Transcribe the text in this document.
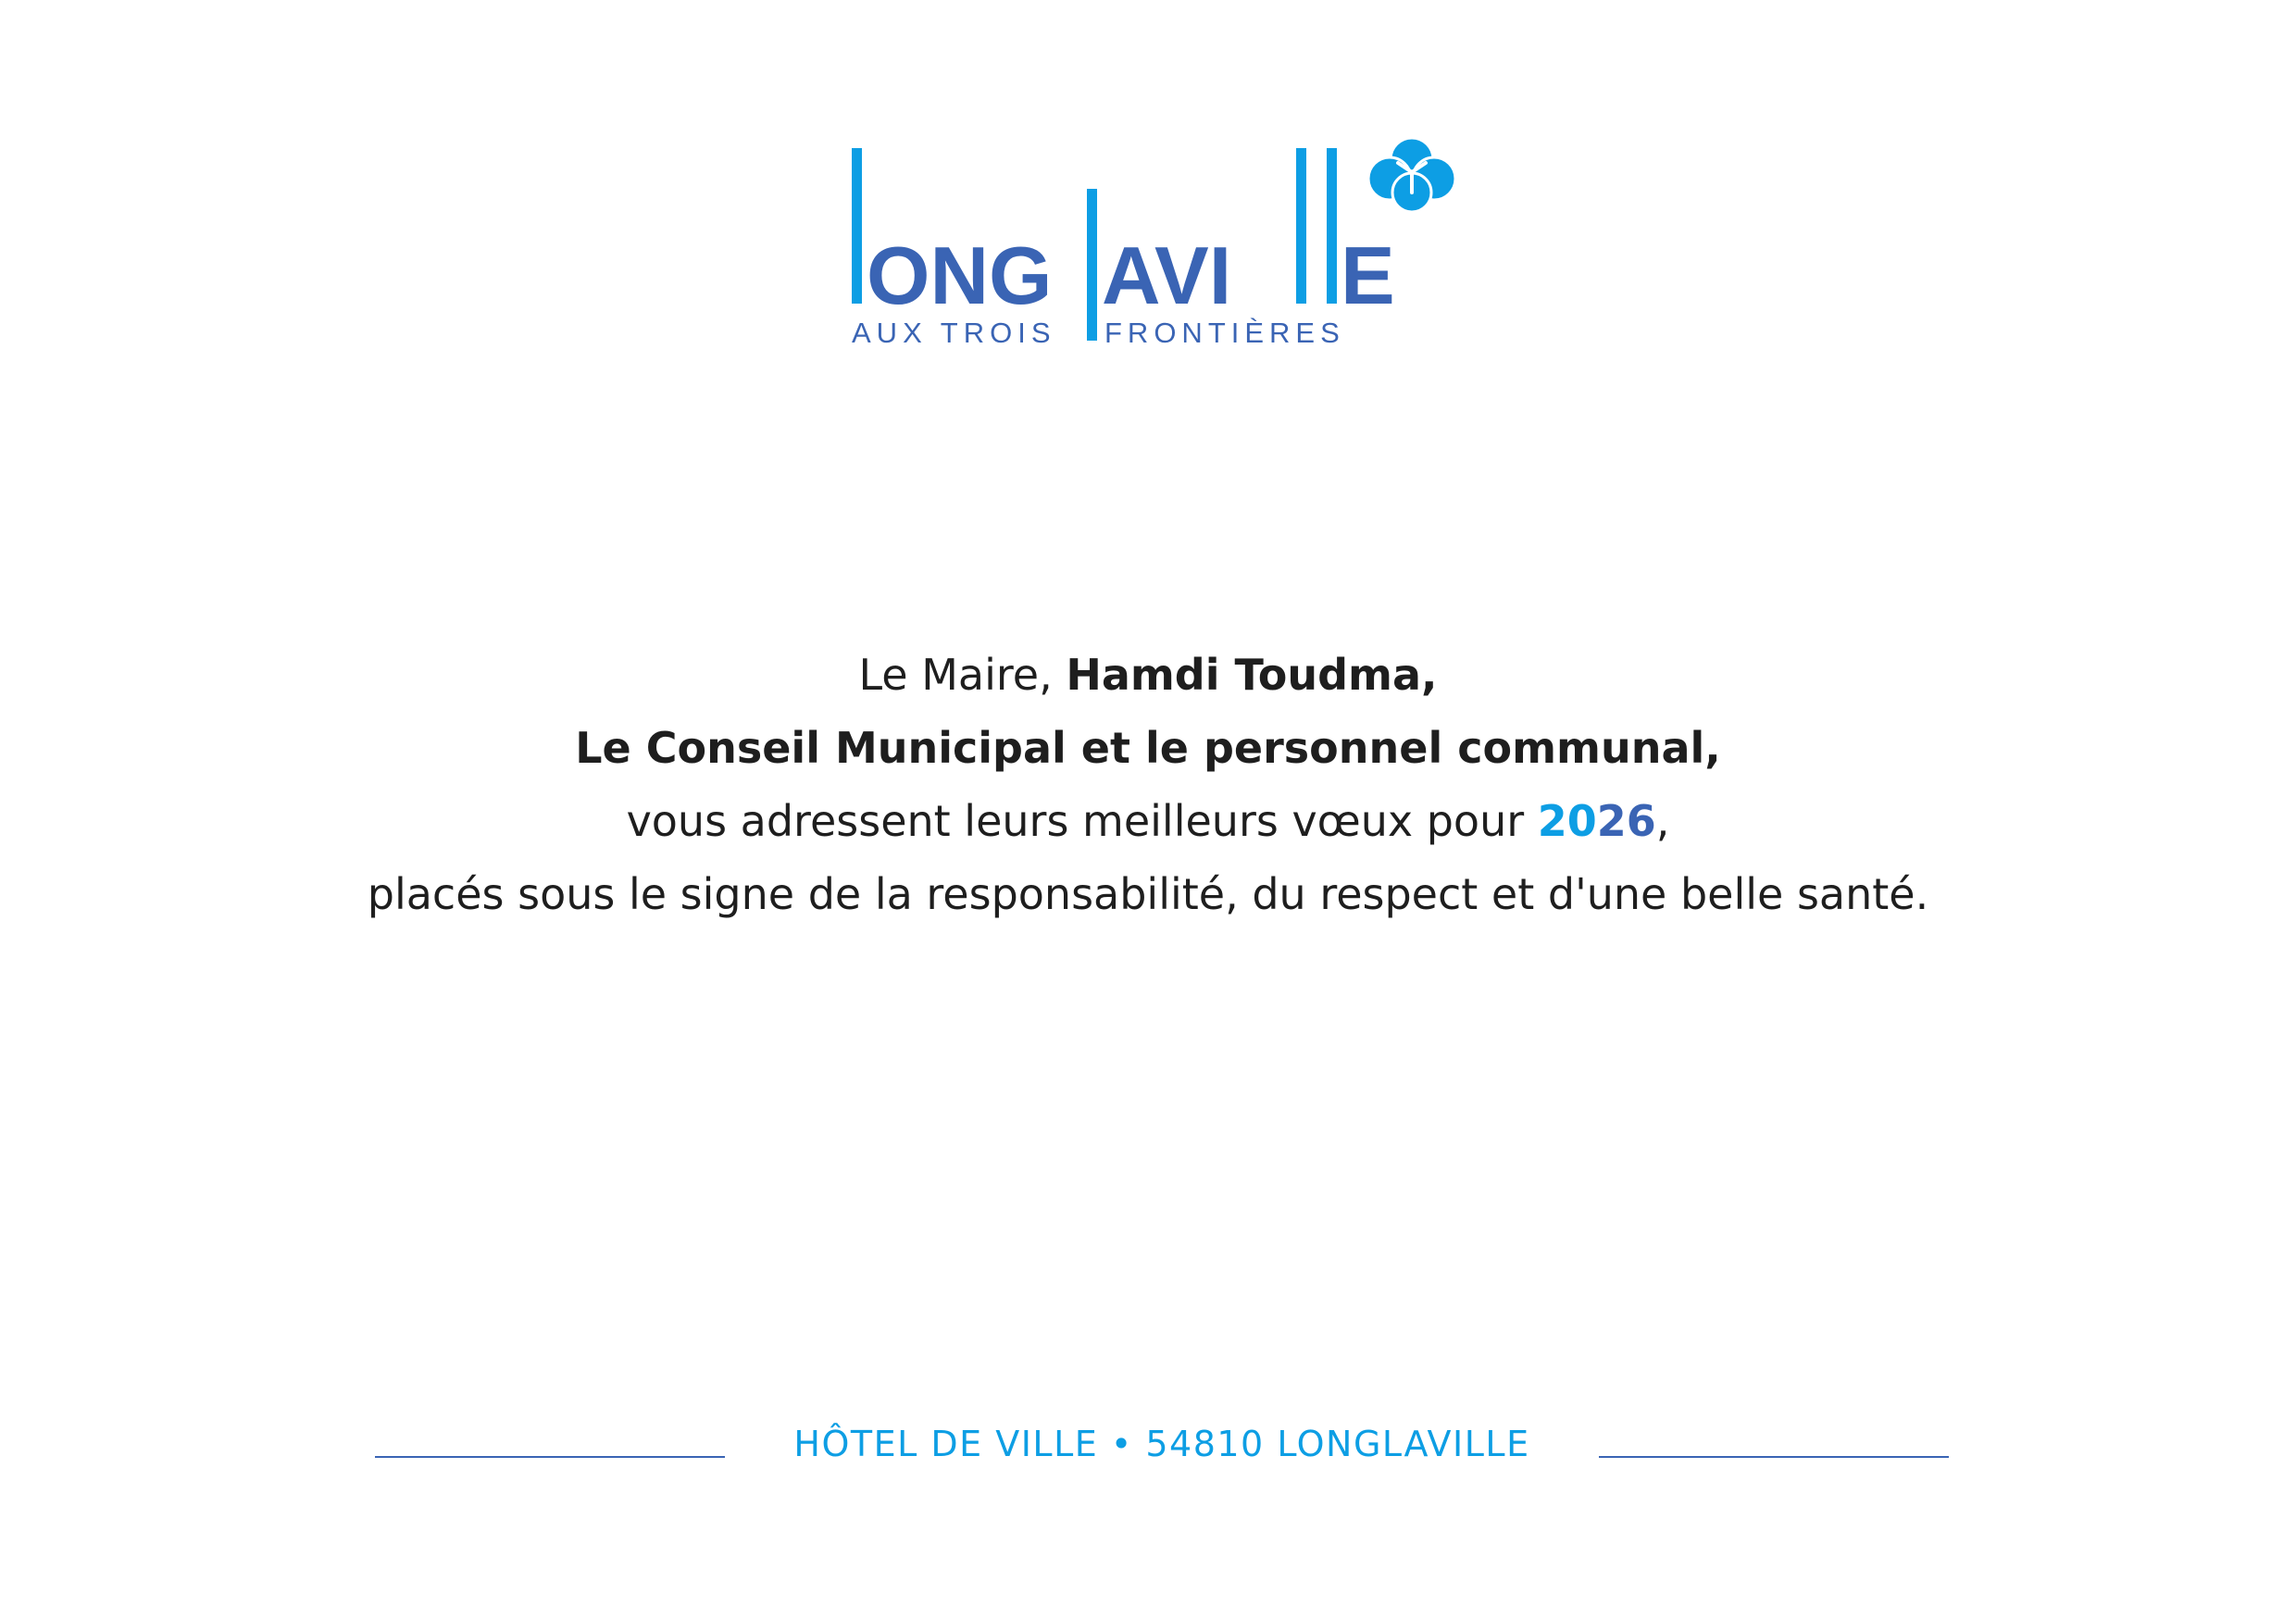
ONG AVI E
AUX TROIS FRONTIÈRES
Le Maire, Hamdi Toudma,
Le Conseil Municipal et le personnel communal,
vous adressent leurs meilleurs vœux pour 2026,
placés sous le signe de la responsabilité, du respect et d'une belle santé.
HÔTEL DE VILLE • 54810 LONGLAVILLE
